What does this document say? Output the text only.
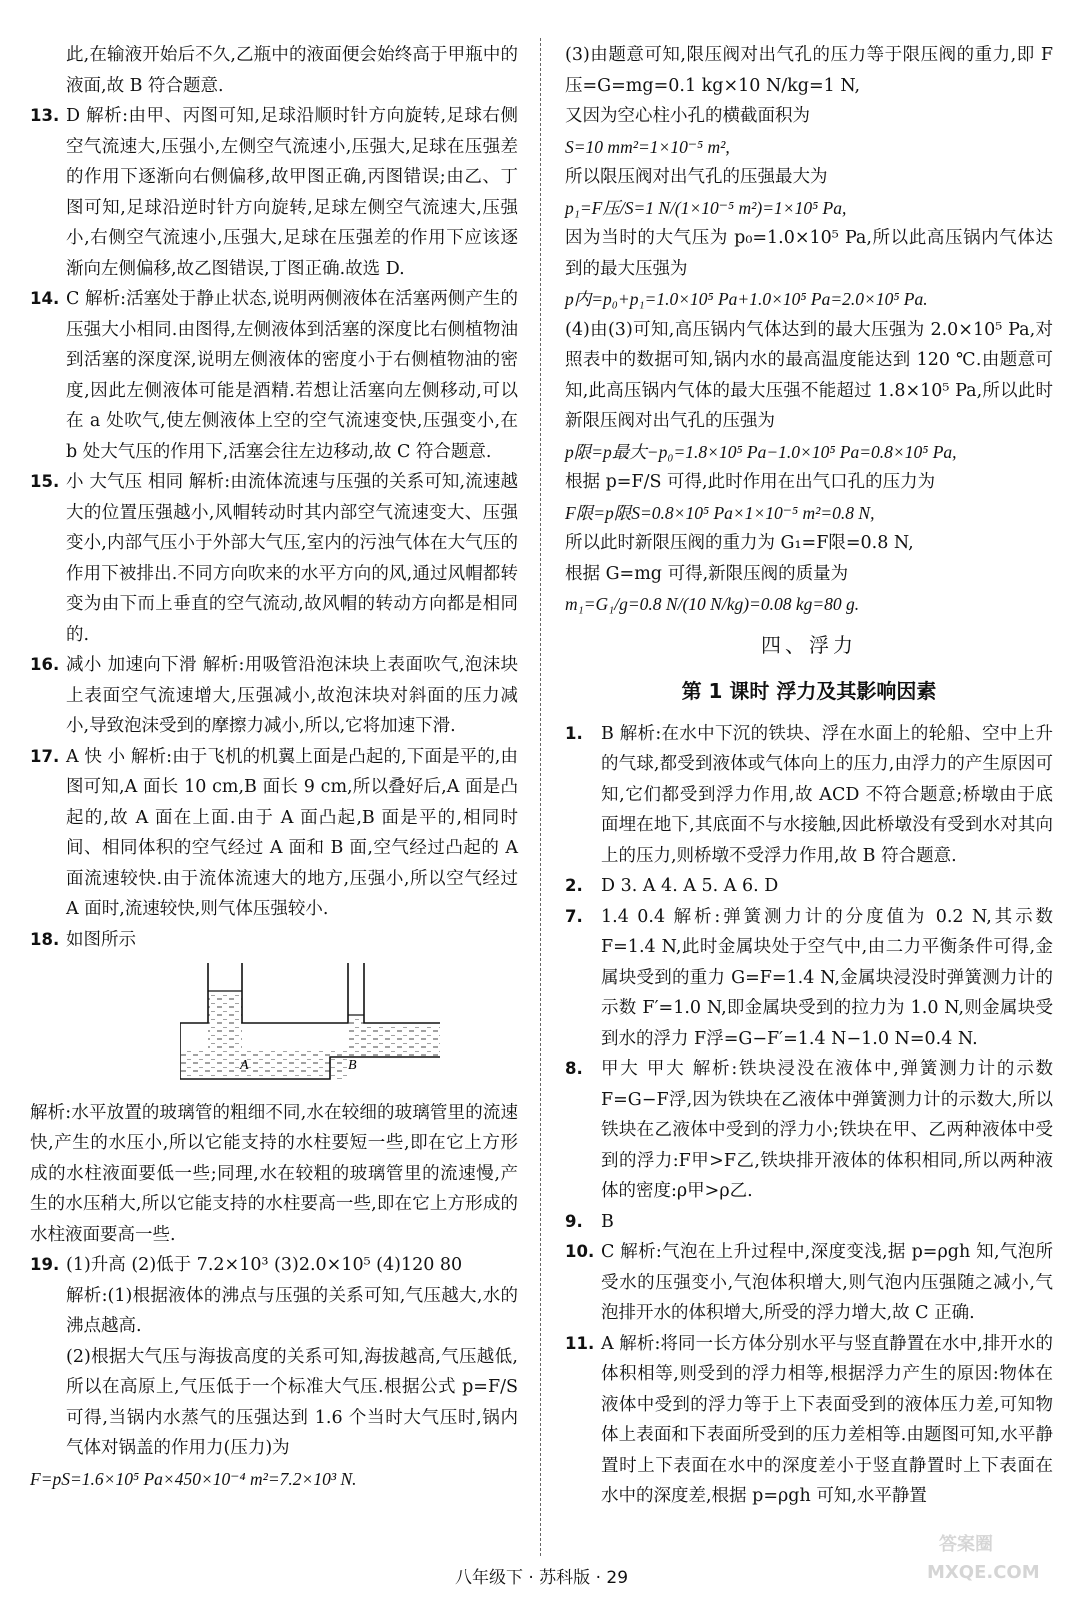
此,在输液开始后不久,乙瓶中的液面便会始终高于甲瓶中的液面,故 B 符合题意.
13. D 解析:由甲、丙图可知,足球沿顺时针方向旋转,足球右侧空气流速大,压强小,左侧空气流速小,压强大,足球在压强差的作用下逐渐向右侧偏移,故甲图正确,丙图错误;由乙、丁图可知,足球沿逆时针方向旋转,足球左侧空气流速大,压强小,右侧空气流速小,压强大,足球在压强差的作用下应该逐渐向左侧偏移,故乙图错误,丁图正确.故选 D.
14. C 解析:活塞处于静止状态,说明两侧液体在活塞两侧产生的压强大小相同.由图得,左侧液体到活塞的深度比右侧植物油到活塞的深度深,说明左侧液体的密度小于右侧植物油的密度,因此左侧液体可能是酒精.若想让活塞向左侧移动,可以在 a 处吹气,使左侧液体上空的空气流速变快,压强变小,在 b 处大气压的作用下,活塞会往左边移动,故 C 符合题意.
15. 小 大气压 相同 解析:由流体流速与压强的关系可知,流速越大的位置压强越小,风帽转动时其内部空气流速变大、压强变小,内部气压小于外部大气压,室内的污浊气体在大气压的作用下被排出.不同方向吹来的水平方向的风,通过风帽都转变为由下而上垂直的空气流动,故风帽的转动方向都是相同的.
16. 减小 加速向下滑 解析:用吸管沿泡沫块上表面吹气,泡沫块上表面空气流速增大,压强减小,故泡沫块对斜面的压力减小,导致泡沫受到的摩擦力减小,所以,它将加速下滑.
17. A 快 小 解析:由于飞机的机翼上面是凸起的,下面是平的,由图可知,A 面长 10 cm,B 面长 9 cm,所以叠好后,A 面是凸起的,故 A 面在上面.由于 A 面凸起,B 面是平的,相同时间、相同体积的空气经过 A 面和 B 面,空气经过凸起的 A 面流速较快.由于流体流速大的地方,压强小,所以空气经过 A 面时,流速较快,则气体压强较小.
18. 如图所示
A	B
解析:水平放置的玻璃管的粗细不同,水在较细的玻璃管里的流速快,产生的水压小,所以它能支持的水柱要短一些,即在它上方形成的水柱液面要低一些;同理,水在较粗的玻璃管里的流速慢,产生的水压稍大,所以它能支持的水柱要高一些,即在它上方形成的水柱液面要高一些.
19. (1)升高 (2)低于 7.2×10³ (3)2.0×10⁵ (4)120 80
解析:(1)根据液体的沸点与压强的关系可知,气压越大,水的沸点越高.
(2)根据大气压与海拔高度的关系可知,海拔越高,气压越低,所以在高原上,气压低于一个标准大气压.根据公式 p=F/S 可得,当锅内水蒸气的压强达到 1.6 个当时大气压时,锅内气体对锅盖的作用力(压力)为
F=pS=1.6×10⁵ Pa×450×10⁻⁴ m²=7.2×10³ N.
(3)由题意可知,限压阀对出气孔的压力等于限压阀的重力,即 F压=G=mg=0.1 kg×10 N/kg=1 N,
又因为空心柱小孔的横截面积为
S=10 mm²=1×10⁻⁵ m²,
所以限压阀对出气孔的压强最大为
p₁=F压/S=1 N/(1×10⁻⁵ m²)=1×10⁵ Pa,
因为当时的大气压为 p₀=1.0×10⁵ Pa,所以此高压锅内气体达到的最大压强为
p内=p₀+p₁=1.0×10⁵ Pa+1.0×10⁵ Pa=2.0×10⁵ Pa.
(4)由(3)可知,高压锅内气体达到的最大压强为 2.0×10⁵ Pa,对照表中的数据可知,锅内水的最高温度能达到 120 ℃.由题意可知,此高压锅内气体的最大压强不能超过 1.8×10⁵ Pa,所以此时新限压阀对出气孔的压强为
p限=p最大−p₀=1.8×10⁵ Pa−1.0×10⁵ Pa=0.8×10⁵ Pa,
根据 p=F/S 可得,此时作用在出气口孔的压力为
F限=p限S=0.8×10⁵ Pa×1×10⁻⁵ m²=0.8 N,
所以此时新限压阀的重力为 G₁=F限=0.8 N,
根据 G=mg 可得,新限压阀的质量为
m₁=G₁/g=0.8 N/(10 N/kg)=0.08 kg=80 g.
四、浮力
第 1 课时 浮力及其影响因素
1.	B 解析:在水中下沉的铁块、浮在水面上的轮船、空中上升的气球,都受到液体或气体向上的压力,由浮力的产生原因可知,它们都受到浮力作用,故 ACD 不符合题意;桥墩由于底面埋在地下,其底面不与水接触,因此桥墩没有受到水对其向上的压力,则桥墩不受浮力作用,故 B 符合题意.
2.	D 3. A 4. A 5. A 6. D
7.	1.4 0.4 解析:弹簧测力计的分度值为 0.2 N,其示数 F=1.4 N,此时金属块处于空气中,由二力平衡条件可得,金属块受到的重力 G=F=1.4 N,金属块浸没时弹簧测力计的示数 F′=1.0 N,即金属块受到的拉力为 1.0 N,则金属块受到水的浮力 F浮=G−F′=1.4 N−1.0 N=0.4 N.
8.	甲大 甲大 解析:铁块浸没在液体中,弹簧测力计的示数 F=G−F浮,因为铁块在乙液体中弹簧测力计的示数大,所以铁块在乙液体中受到的浮力小;铁块在甲、乙两种液体中受到的浮力:F甲>F乙,铁块排开液体的体积相同,所以两种液体的密度:ρ甲>ρ乙.
9.	B
10. C 解析:气泡在上升过程中,深度变浅,据 p=ρgh 知,气泡所受水的压强变小,气泡体积增大,则气泡内压强随之减小,气泡排开水的体积增大,所受的浮力增大,故 C 正确.
11. A 解析:将同一长方体分别水平与竖直静置在水中,排开水的体积相等,则受到的浮力相等,根据浮力产生的原因:物体在液体中受到的浮力等于上下表面受到的液体压力差,可知物体上表面和下表面所受到的压力差相等.由题图可知,水平静置时上下表面在水中的深度差小于竖直静置时上下表面在水中的深度差,根据 p=ρgh 可知,水平静置
八年级下 · 苏科版 · 29
答案圈
MXQE.COM
